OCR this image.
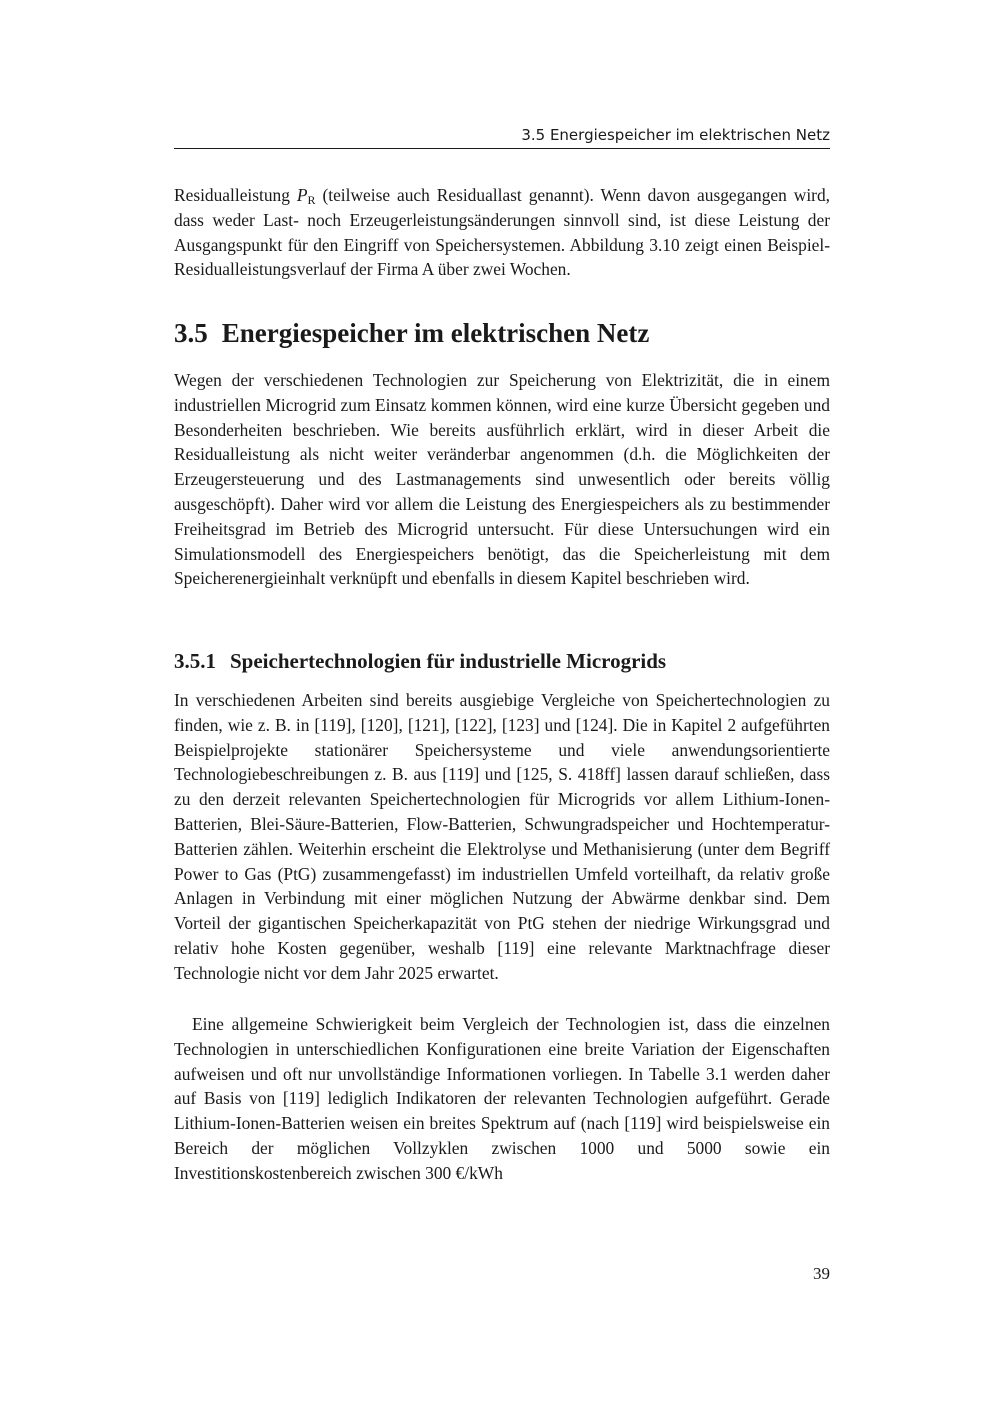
3.5 Energiespeicher im elektrischen Netz

Residualleistung $P_R$ (teilweise auch Residuallast genannt). Wenn davon ausgegangen wird, dass weder Last- noch Erzeugerleistungsänderungen sinnvoll sind, ist diese Leistung der Ausgangspunkt für den Eingriff von Speichersystemen. Abbildung 3.10 zeigt einen Beispiel-Residualleistungsverlauf der Firma A über zwei Wochen.

3.5 Energiespeicher im elektrischen Netz

Wegen der verschiedenen Technologien zur Speicherung von Elektrizität, die in einem industriellen Microgrid zum Einsatz kommen können, wird eine kurze Übersicht gegeben und Besonderheiten beschrieben. Wie bereits ausführlich erklärt, wird in dieser Arbeit die Residualleistung als nicht weiter veränderbar angenommen (d.h. die Möglichkeiten der Erzeugersteuerung und des Lastmanagements sind unwesentlich oder bereits völlig ausgeschöpft). Daher wird vor allem die Leistung des Energiespeichers als zu bestimmender Freiheitsgrad im Betrieb des Microgrid untersucht. Für diese Untersuchungen wird ein Simulationsmodell des Energiespeichers benötigt, das die Speicherleistung mit dem Speicherenergieinhalt verknüpft und ebenfalls in diesem Kapitel beschrieben wird.

3.5.1 Speichertechnologien für industrielle Microgrids

In verschiedenen Arbeiten sind bereits ausgiebige Vergleiche von Speichertechnologien zu finden, wie z. B. in [119], [120], [121], [122], [123] und [124]. Die in Kapitel 2 aufgeführten Beispielprojekte stationärer Speichersysteme und viele anwendungsorientierte Technologiebeschreibungen z. B. aus [119] und [125, S. 418ff] lassen darauf schließen, dass zu den derzeit relevanten Speichertechnologien für Microgrids vor allem Lithium-Ionen-Batterien, Blei-Säure-Batterien, Flow-Batterien, Schwungradspeicher und Hochtemperatur-Batterien zählen. Weiterhin erscheint die Elektrolyse und Methanisierung (unter dem Begriff Power to Gas (PtG) zusammengefasst) im industriellen Umfeld vorteilhaft, da relativ große Anlagen in Verbindung mit einer möglichen Nutzung der Abwärme denkbar sind. Dem Vorteil der gigantischen Speicherkapazität von PtG stehen der niedrige Wirkungsgrad und relativ hohe Kosten gegenüber, weshalb [119] eine relevante Marktnachfrage dieser Technologie nicht vor dem Jahr 2025 erwartet.

Eine allgemeine Schwierigkeit beim Vergleich der Technologien ist, dass die einzelnen Technologien in unterschiedlichen Konfigurationen eine breite Variation der Eigenschaften aufweisen und oft nur unvollständige Informationen vorliegen. In Tabelle 3.1 werden daher auf Basis von [119] lediglich Indikatoren der relevanten Technologien aufgeführt. Gerade Lithium-Ionen-Batterien weisen ein breites Spektrum auf (nach [119] wird beispielsweise ein Bereich der möglichen Vollzyklen zwischen 1000 und 5000 sowie ein Investitionskostenbereich zwischen 300 €/kWh

39
